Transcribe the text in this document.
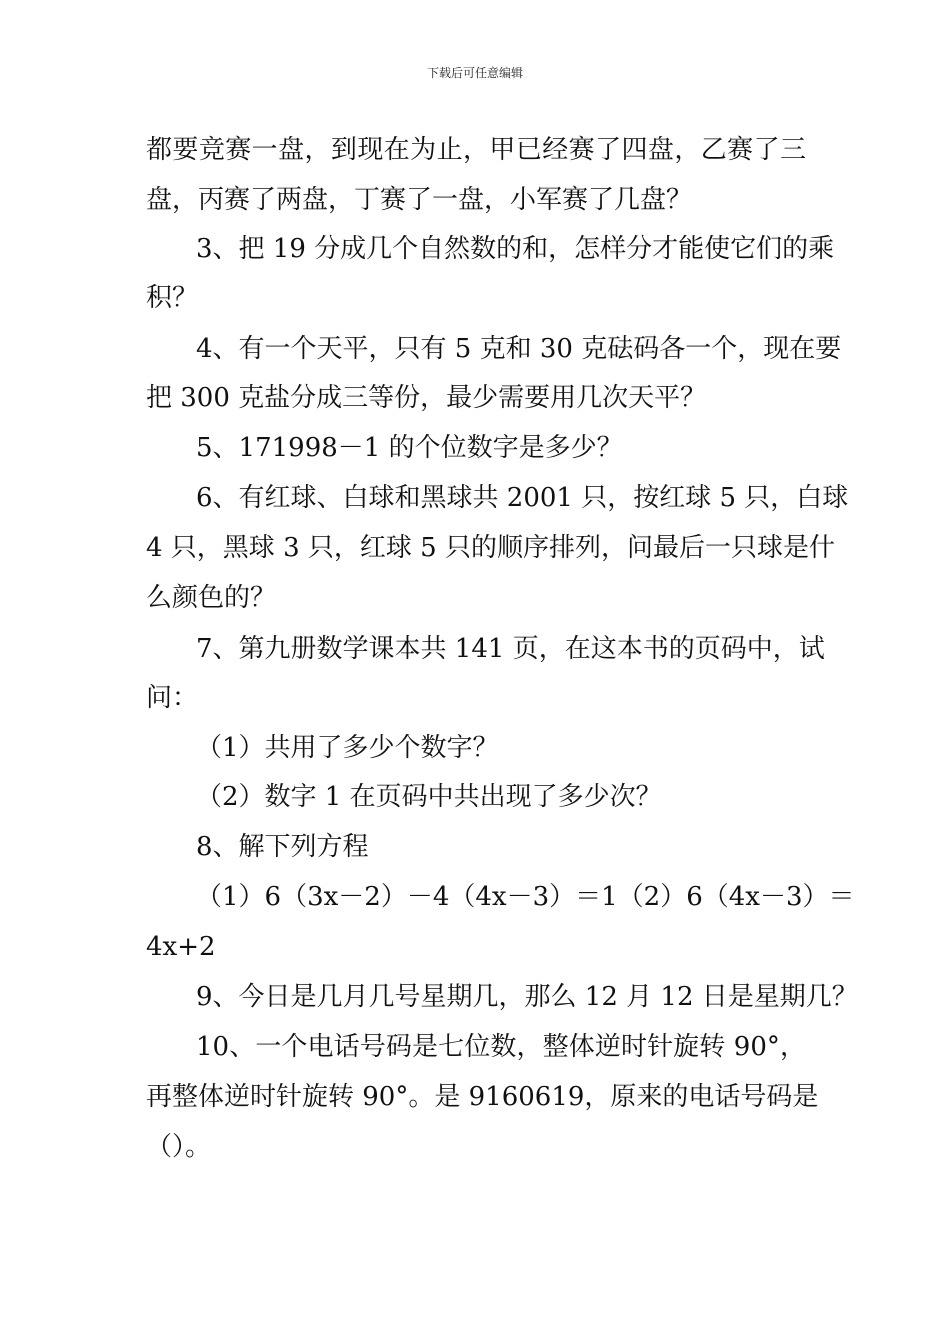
下载后可任意编辑
都要竞赛一盘，到现在为止，甲已经赛了四盘，乙赛了三
盘，丙赛了两盘，丁赛了一盘，小军赛了几盘？
3、把 19 分成几个自然数的和，怎样分才能使它们的乘
积？
4、有一个天平，只有 5 克和 30 克砝码各一个，现在要
把 300 克盐分成三等份，最少需要用几次天平？
5、171998－1 的个位数字是多少？
6、有红球、白球和黑球共 2001 只，按红球 5 只，白球
4 只，黑球 3 只，红球 5 只的顺序排列，问最后一只球是什
么颜色的？
7、第九册数学课本共 141 页，在这本书的页码中，试
问：
（1）共用了多少个数字？
（2）数字 1 在页码中共出现了多少次？
8、解下列方程
（1）6（3x－2）－4（4x－3）＝1（2）6（4x－3）＝
4x+2
9、今日是几月几号星期几，那么 12 月 12 日是星期几？
10、一个电话号码是七位数，整体逆时针旋转 90°，
再整体逆时针旋转 90°。是 9160619，原来的电话号码是
（）。
